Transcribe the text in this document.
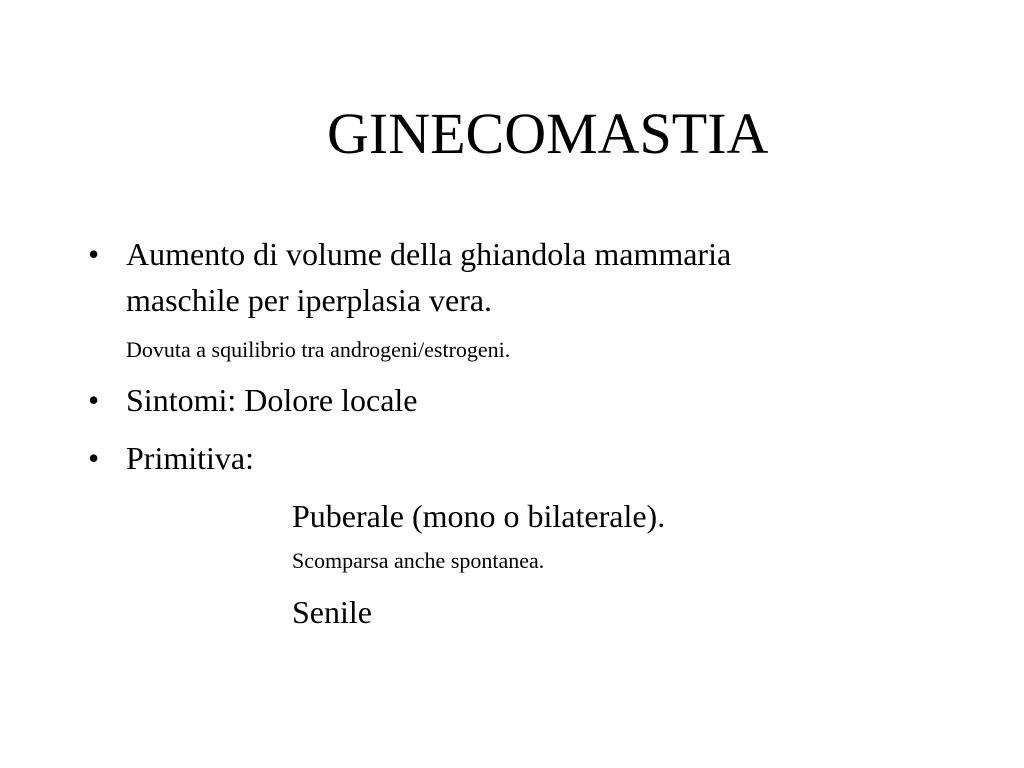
GINECOMASTIA
• Aumento di volume della ghiandola mammaria
maschile per iperplasia vera.
Dovuta a squilibrio tra androgeni/estrogeni.
• Sintomi: Dolore locale
• Primitiva:
Puberale (mono o bilaterale).
Scomparsa anche spontanea.
Senile
